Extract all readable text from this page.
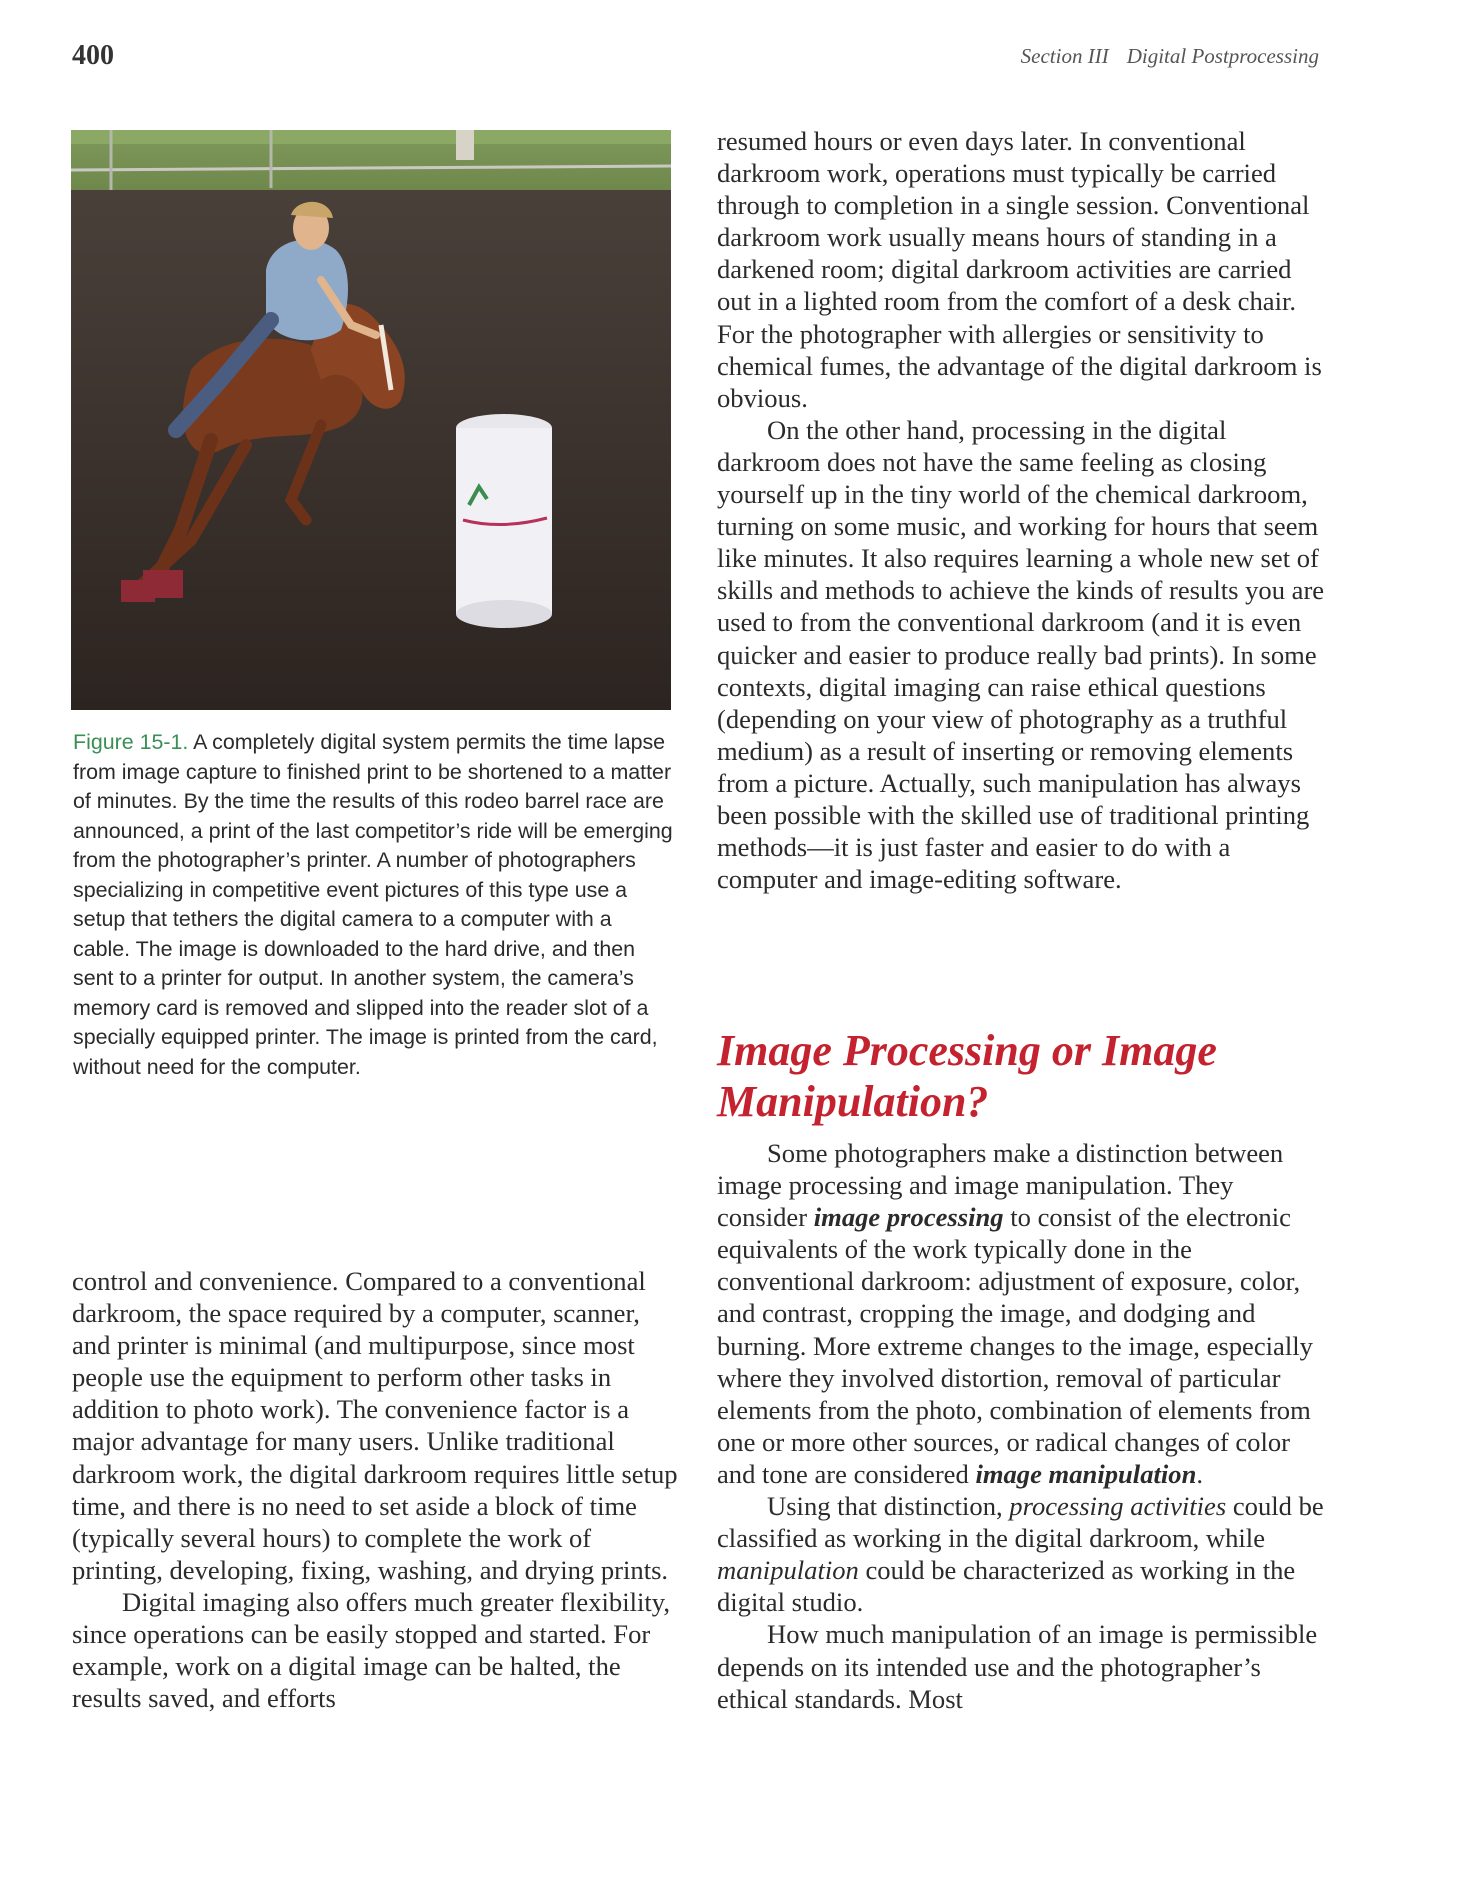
400	Section III Digital Postprocessing
Figure 15-1. A completely digital system permits the time lapse from image capture to finished print to be shortened to a matter of minutes. By the time the results of this rodeo barrel race are announced, a print of the last competitor’s ride will be emerging from the photographer’s printer. A number of photographers specializing in competitive event pictures of this type use a setup that tethers the digital camera to a computer with a cable. The image is downloaded to the hard drive, and then sent to a printer for output. In another system, the camera’s memory card is removed and slipped into the reader slot of a specially equipped printer. The image is printed from the card, without need for the computer.

control and convenience. Compared to a conventional darkroom, the space required by a computer, scanner, and printer is minimal (and multipurpose, since most people use the equipment to perform other tasks in addition to photo work). The convenience factor is a major advantage for many users. Unlike traditional darkroom work, the digital darkroom requires little setup time, and there is no need to set aside a block of time (typically several hours) to complete the work of printing, developing, fixing, washing, and drying prints.

Digital imaging also offers much greater flexibility, since operations can be easily stopped and started. For example, work on a digital image can be halted, the results saved, and efforts

resumed hours or even days later. In conventional darkroom work, operations must typically be carried through to completion in a single session. Conventional darkroom work usually means hours of standing in a darkened room; digital darkroom activities are carried out in a lighted room from the comfort of a desk chair. For the photographer with allergies or sensitivity to chemical fumes, the advantage of the digital darkroom is obvious.

On the other hand, processing in the digital darkroom does not have the same feeling as closing yourself up in the tiny world of the chemical darkroom, turning on some music, and working for hours that seem like minutes. It also requires learning a whole new set of skills and methods to achieve the kinds of results you are used to from the conventional darkroom (and it is even quicker and easier to produce really bad prints). In some contexts, digital imaging can raise ethical questions (depending on your view of photography as a truthful medium) as a result of inserting or removing elements from a picture. Actually, such manipulation has always been possible with the skilled use of traditional printing methods—it is just faster and easier to do with a computer and image-editing software.

Image Processing or Image Manipulation?

Some photographers make a distinction between image processing and image manipulation. They consider image processing to consist of the electronic equivalents of the work typically done in the conventional darkroom: adjustment of exposure, color, and contrast, cropping the image, and dodging and burning. More extreme changes to the image, especially where they involved distortion, removal of particular elements from the photo, combination of elements from one or more other sources, or radical changes of color and tone are considered image manipulation.

Using that distinction, processing activities could be classified as working in the digital darkroom, while manipulation could be characterized as working in the digital studio.

How much manipulation of an image is permissible depends on its intended use and the photographer’s ethical standards. Most
